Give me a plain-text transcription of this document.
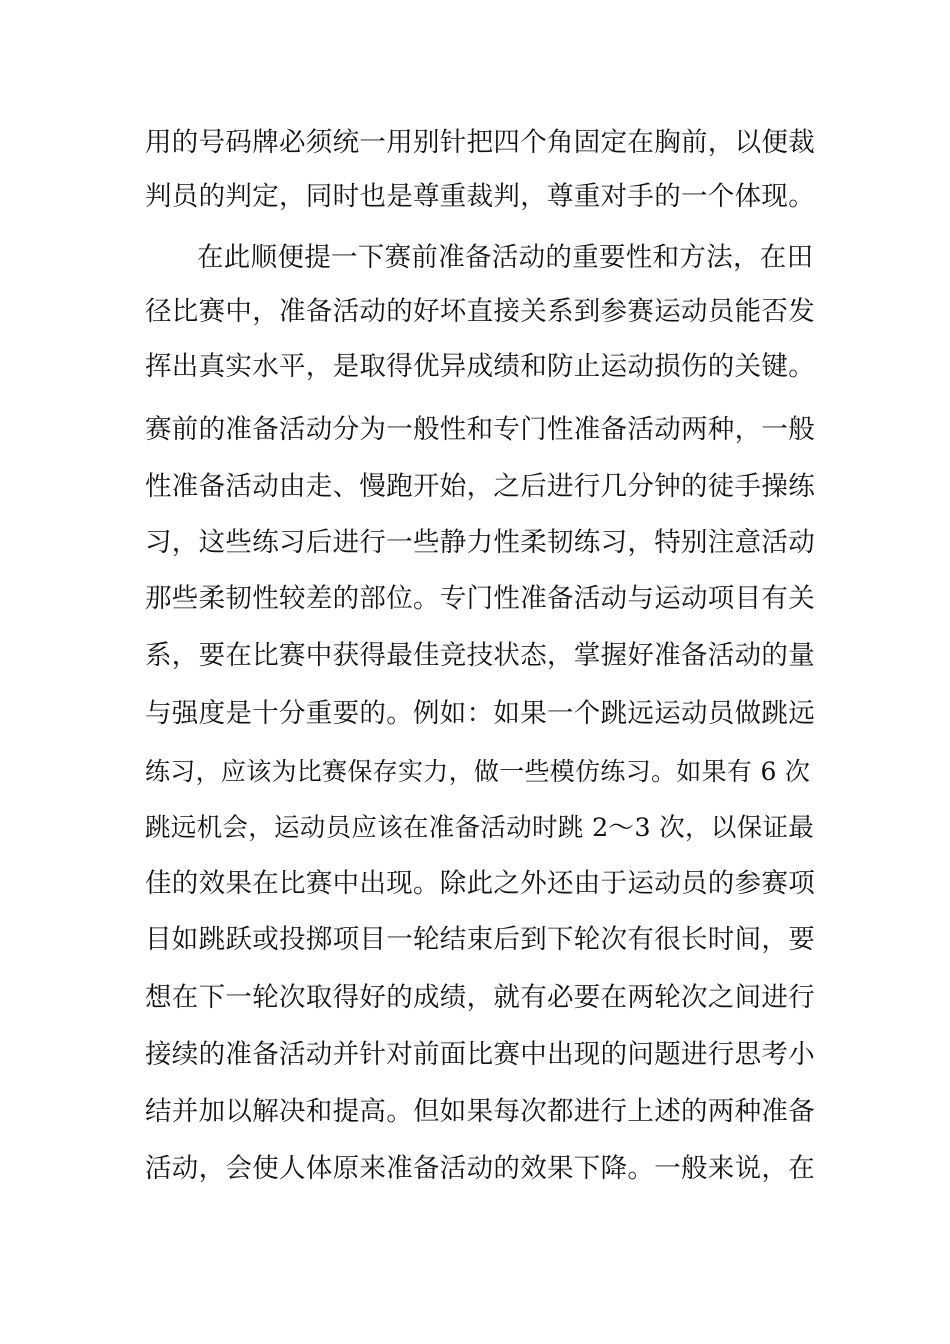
用的号码牌必须统一用别针把四个角固定在胸前，以便裁
判员的判定，同时也是尊重裁判，尊重对手的一个体现。
在此顺便提一下赛前准备活动的重要性和方法，在田
径比赛中，准备活动的好坏直接关系到参赛运动员能否发
挥出真实水平，是取得优异成绩和防止运动损伤的关键。
赛前的准备活动分为一般性和专门性准备活动两种，一般
性准备活动由走、慢跑开始，之后进行几分钟的徒手操练
习，这些练习后进行一些静力性柔韧练习，特别注意活动
那些柔韧性较差的部位。专门性准备活动与运动项目有关
系，要在比赛中获得最佳竞技状态，掌握好准备活动的量
与强度是十分重要的。例如：如果一个跳远运动员做跳远
练习，应该为比赛保存实力，做一些模仿练习。如果有 6 次
跳远机会，运动员应该在准备活动时跳 2～3 次，以保证最
佳的效果在比赛中出现。除此之外还由于运动员的参赛项
目如跳跃或投掷项目一轮结束后到下轮次有很长时间，要
想在下一轮次取得好的成绩，就有必要在两轮次之间进行
接续的准备活动并针对前面比赛中出现的问题进行思考小
结并加以解决和提高。但如果每次都进行上述的两种准备
活动，会使人体原来准备活动的效果下降。一般来说，在
